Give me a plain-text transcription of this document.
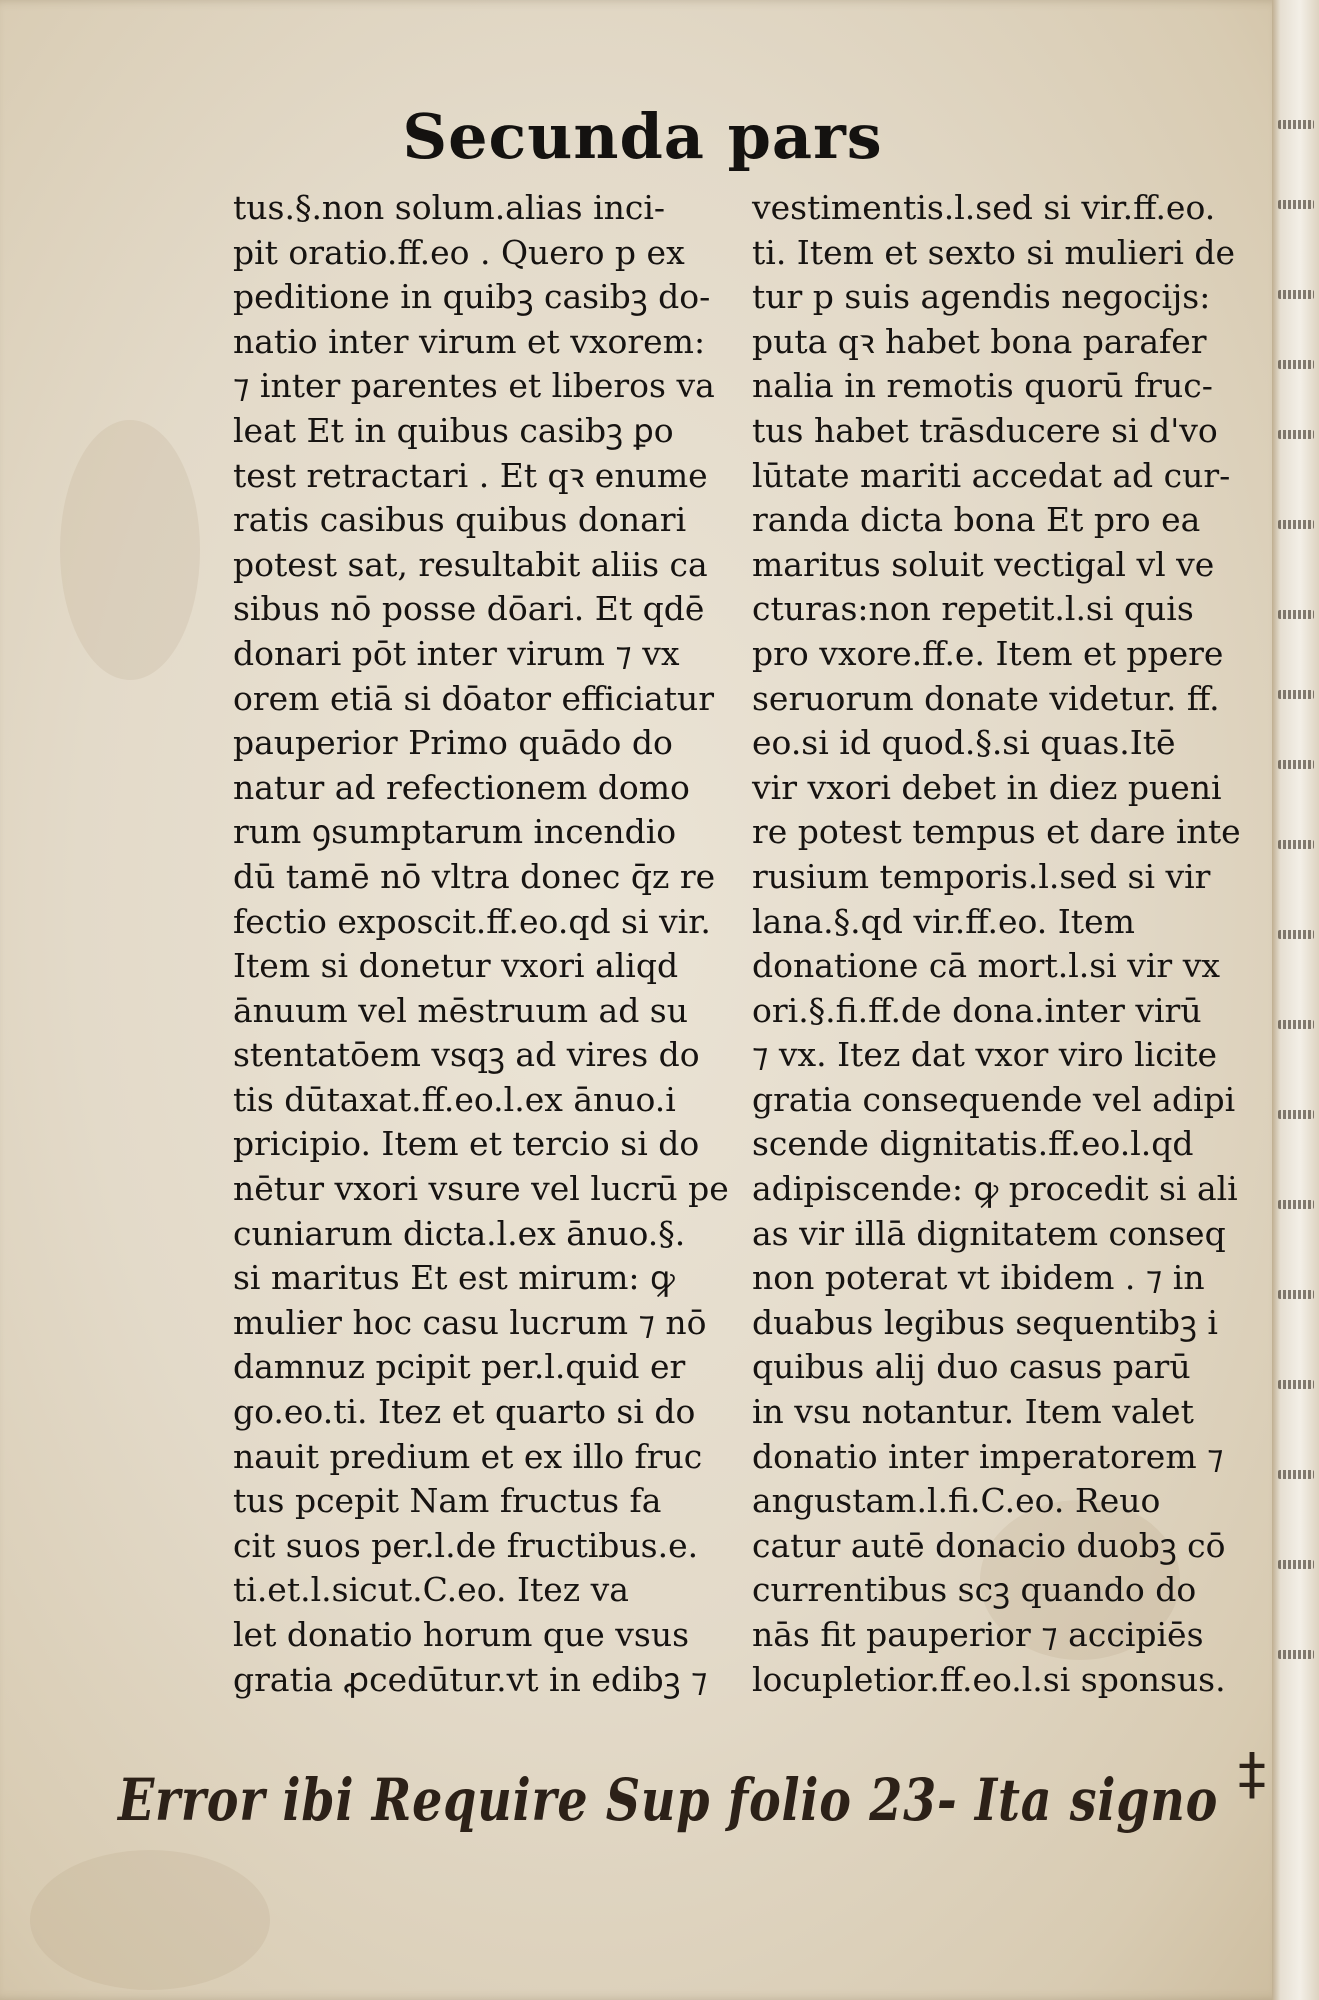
Secunda pars
tus.§.non solum.alias inci-
pit oratio.ff.eo . Quero p ex
peditione in quibꝫ casibꝫ do-
natio inter virum et vxorem:
⁊ inter parentes et liberos va
leat Et in quibus casibꝫ ꝑo
test retractari . Et qꝛ enume
ratis casibus quibus donari
potest sat, resultabit aliis ca
sibus nō posse dōari. Et qdē
donari pōt inter virum ⁊ vx
orem etiā si dōator efficiatur
pauperior Primo quādo do
natur ad refectionem domo
rum ꝯsumptarum incendio
dū tamē nō vltra donec q̄z re
fectio exposcit.ff.eo.qd si vir.
Item si donetur vxori aliqd
ānuum vel mēstruum ad su
stentatōem vsqꝫ ad vires do
tis dūtaxat.ff.eo.l.ex ānuo.i
pricipio. Item et tercio si do
nētur vxori vsure vel lucrū pe
cuniarum dicta.l.ex ānuo.§.
si maritus Et est mirum: ꝙ
mulier hoc casu lucrum ⁊ nō
damnuz pcipit per.l.quid er
go.eo.ti. Itez et quarto si do
nauit predium et ex illo fruc
tus pcepit Nam fructus fa
cit suos per.l.de fructibus.e.
ti.et.l.sicut.C.eo. Itez va
let donatio horum que vsus
gratia ꝓcedūtur.vt in edibꝫ ⁊
vestimentis.l.sed si vir.ff.eo.
ti. Item et sexto si mulieri de
tur p suis agendis negocijs:
puta qꝛ habet bona parafer
nalia in remotis quorū fruc-
tus habet trāsducere si d'vo
lūtate mariti accedat ad cur-
randa dicta bona Et pro ea
maritus soluit vectigal vl ve
cturas:non repetit.l.si quis
pro vxore.ff.e. Item et ppere
seruorum donate videtur. ff.
eo.si id quod.§.si quas.Itē
vir vxori debet in diez pueni
re potest tempus et dare inte
rusium temporis.l.sed si vir
lana.§.qd vir.ff.eo. Item
donatione cā mort.l.si vir vx
ori.§.fi.ff.de dona.inter virū
⁊ vx. Itez dat vxor viro licite
gratia consequende vel adipi
scende dignitatis.ff.eo.l.qd
adipiscende: ꝙ procedit si ali
as vir illā dignitatem conseq
non poterat vt ibidem . ⁊ in
duabus legibus sequentibꝫ i
quibus alij duo casus parū
in vsu notantur. Item valet
donatio inter imperatorem ⁊
angustam.l.fi.C.eo. Reuo
catur autē donacio duobꝫ cō
currentibus scꝫ quando do
nās fit pauperior ⁊ accipiēs
locupletior.ff.eo.l.si sponsus.
Error ibi Require Sup folio 23- Ita signo ‡
